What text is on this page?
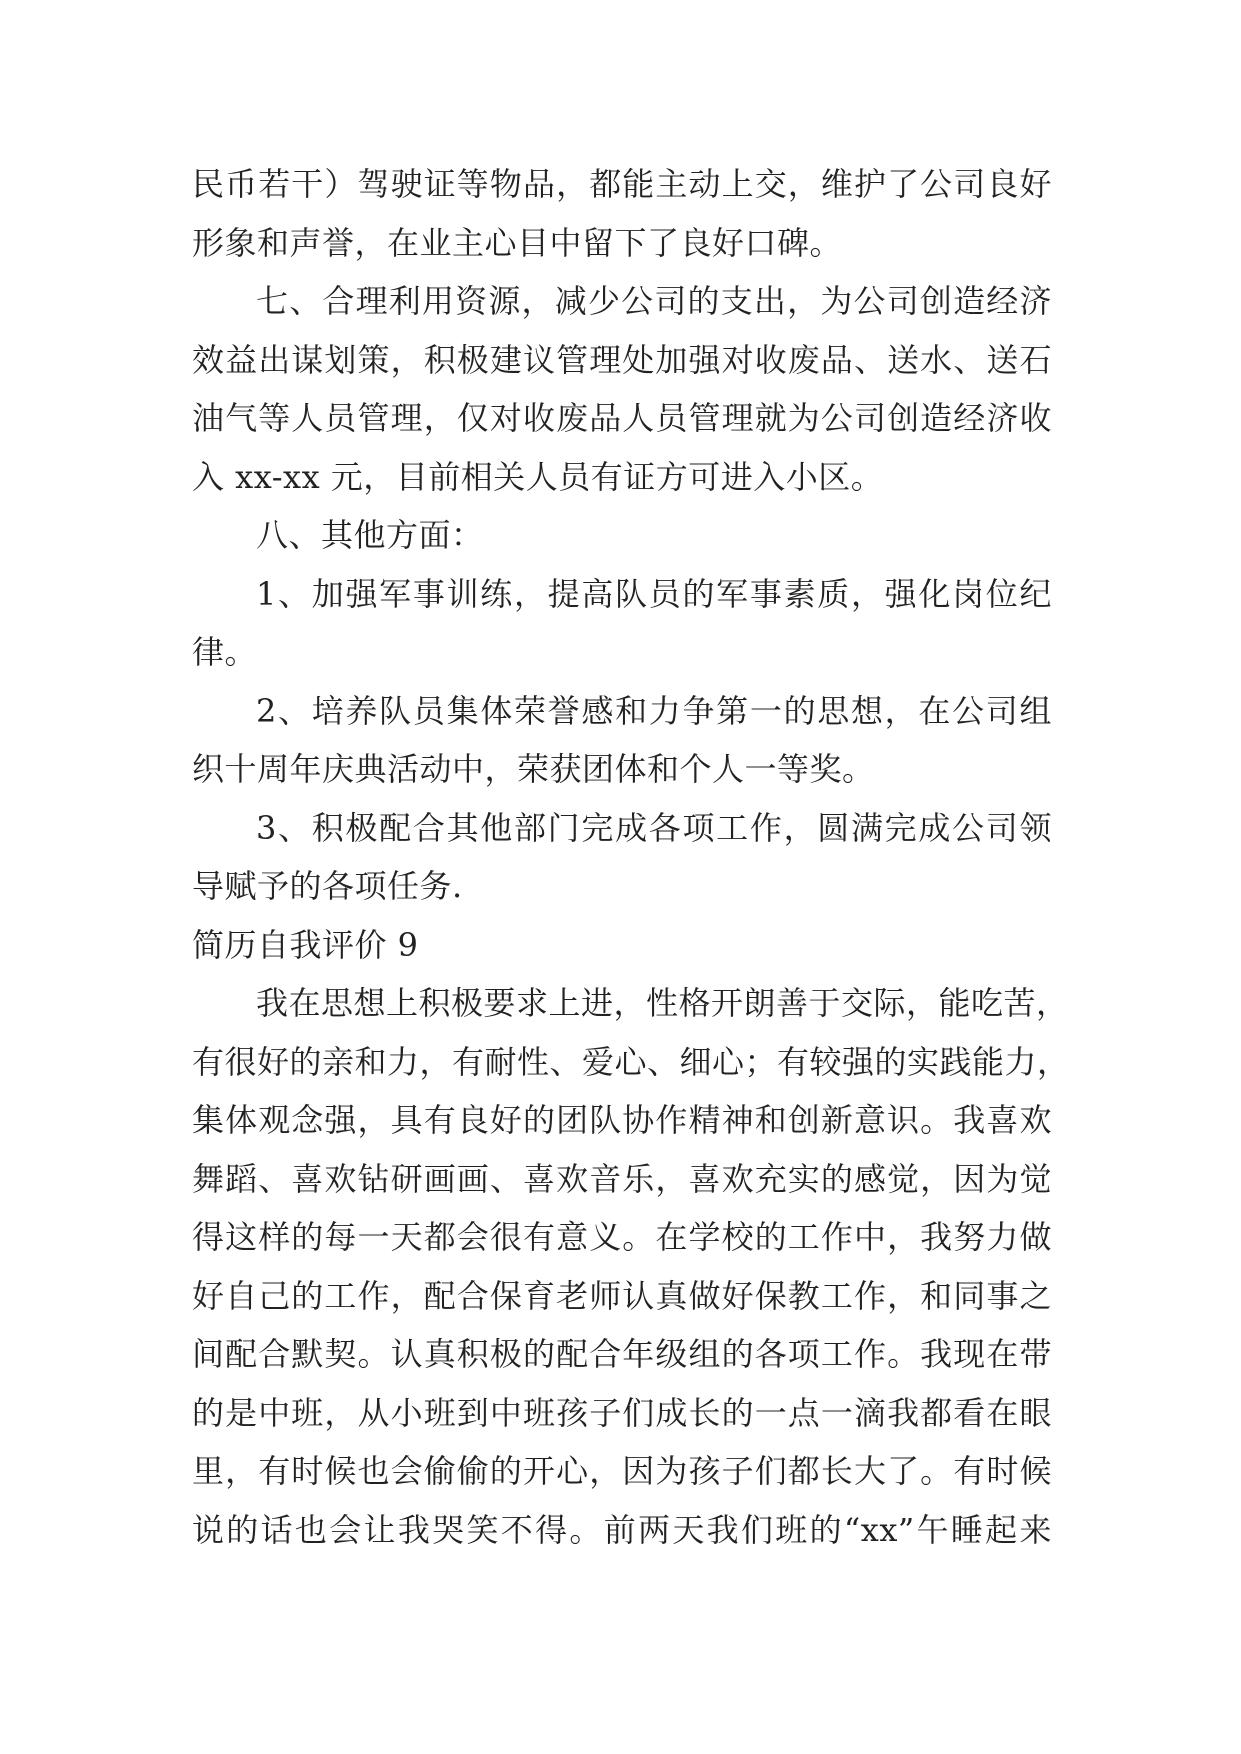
民币若干）驾驶证等物品，都能主动上交，维护了公司良好
形象和声誉，在业主心目中留下了良好口碑。
七、合理利用资源，减少公司的支出，为公司创造经济
效益出谋划策，积极建议管理处加强对收废品、送水、送石
油气等人员管理，仅对收废品人员管理就为公司创造经济收
入 xx-xx 元，目前相关人员有证方可进入小区。
八、其他方面：
1、加强军事训练，提高队员的军事素质，强化岗位纪
律。
2、培养队员集体荣誉感和力争第一的思想，在公司组
织十周年庆典活动中，荣获团体和个人一等奖。
3、积极配合其他部门完成各项工作，圆满完成公司领
导赋予的各项任务.
简历自我评价 9
我在思想上积极要求上进，性格开朗善于交际，能吃苦，
有很好的亲和力，有耐性、爱心、细心；有较强的实践能力，
集体观念强，具有良好的团队协作精神和创新意识。我喜欢
舞蹈、喜欢钻研画画、喜欢音乐，喜欢充实的感觉，因为觉
得这样的每一天都会很有意义。在学校的工作中，我努力做
好自己的工作，配合保育老师认真做好保教工作，和同事之
间配合默契。认真积极的配合年级组的各项工作。我现在带
的是中班，从小班到中班孩子们成长的一点一滴我都看在眼
里，有时候也会偷偷的开心，因为孩子们都长大了。有时候
说的话也会让我哭笑不得。前两天我们班的“xx”午睡起来
